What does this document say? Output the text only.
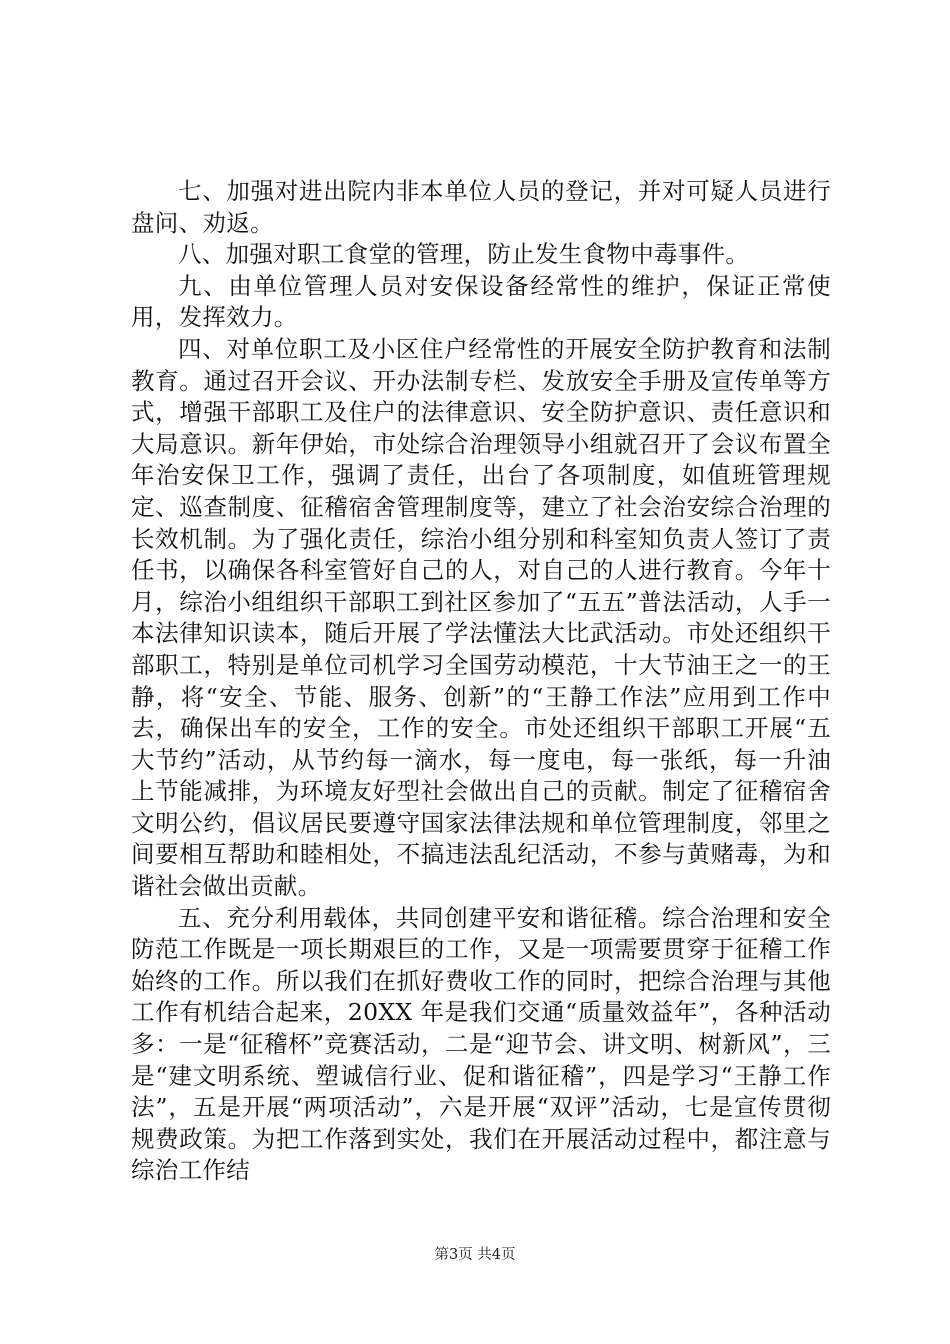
七、加强对进出院内非本单位人员的登记，并对可疑人员进行盘问、劝返。

八、加强对职工食堂的管理，防止发生食物中毒事件。

九、由单位管理人员对安保设备经常性的维护，保证正常使用，发挥效力。

四、对单位职工及小区住户经常性的开展安全防护教育和法制教育。通过召开会议、开办法制专栏、发放安全手册及宣传单等方式，增强干部职工及住户的法律意识、安全防护意识、责任意识和大局意识。新年伊始，市处综合治理领导小组就召开了会议布置全年治安保卫工作，强调了责任，出台了各项制度，如值班管理规定、巡查制度、征稽宿舍管理制度等，建立了社会治安综合治理的长效机制。为了强化责任，综治小组分别和科室知负责人签订了责任书，以确保各科室管好自己的人，对自己的人进行教育。今年十月，综治小组组织干部职工到社区参加了“五五”普法活动，人手一本法律知识读本，随后开展了学法懂法大比武活动。市处还组织干部职工，特别是单位司机学习全国劳动模范，十大节油王之一的王静，将“安全、节能、服务、创新”的“王静工作法”应用到工作中去，确保出车的安全，工作的安全。市处还组织干部职工开展“五大节约”活动，从节约每一滴水，每一度电，每一张纸，每一升油上节能减排，为环境友好型社会做出自己的贡献。制定了征稽宿舍文明公约，倡议居民要遵守国家法律法规和单位管理制度，邻里之间要相互帮助和睦相处，不搞违法乱纪活动，不参与黄赌毒，为和谐社会做出贡献。

五、充分利用载体，共同创建平安和谐征稽。综合治理和安全防范工作既是一项长期艰巨的工作，又是一项需要贯穿于征稽工作始终的工作。所以我们在抓好费收工作的同时，把综合治理与其他工作有机结合起来，20XX 年是我们交通“质量效益年”，各种活动多：一是“征稽杯”竞赛活动，二是“迎节会、讲文明、树新风”，三是“建文明系统、塑诚信行业、促和谐征稽”，四是学习“王静工作法”，五是开展“两项活动”，六是开展“双评”活动，七是宣传贯彻规费政策。为把工作落到实处，我们在开展活动过程中，都注意与综治工作结

第3页 共4页
